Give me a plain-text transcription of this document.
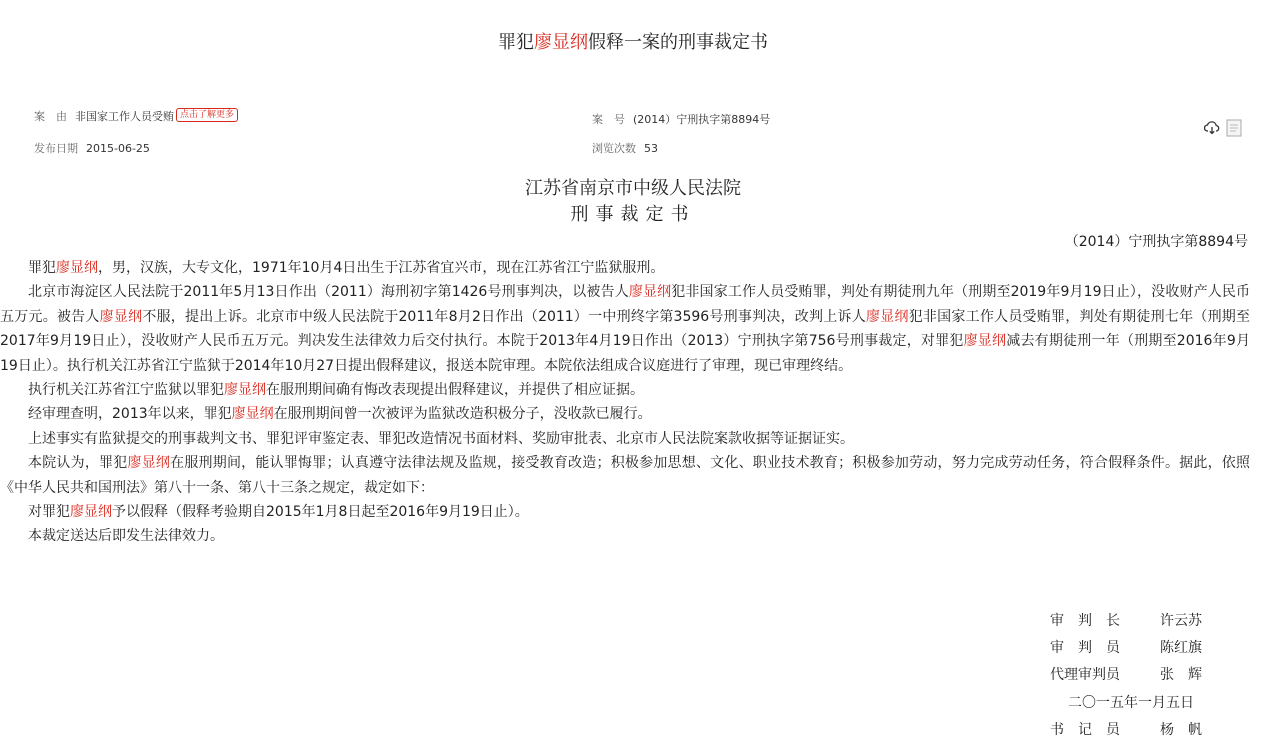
罪犯廖显纲假释一案的刑事裁定书
案　由 非国家工作人员受贿 点击了解更多
发布日期 2015-06-25
案　号 (2014）宁刑执字第8894号
浏览次数 53
江苏省南京市中级人民法院
刑事裁定书

（2014）宁刑执字第8894号

罪犯廖显纲，男，汉族，大专文化，1971年10月4日出生于江苏省宜兴市，现在江苏省江宁监狱服刑。

北京市海淀区人民法院于2011年5月13日作出（2011）海刑初字第1426号刑事判决，以被告人廖显纲犯非国家工作人员受贿罪，判处有期徒刑九年（刑期至2019年9月19日止），没收财产人民币五万元。被告人廖显纲不服，提出上诉。北京市中级人民法院于2011年8月2日作出（2011）一中刑终字第3596号刑事判决，改判上诉人廖显纲犯非国家工作人员受贿罪，判处有期徒刑七年（刑期至2017年9月19日止），没收财产人民币五万元。判决发生法律效力后交付执行。本院于2013年4月19日作出（2013）宁刑执字第756号刑事裁定，对罪犯廖显纲减去有期徒刑一年（刑期至2016年9月19日止）。执行机关江苏省江宁监狱于2014年10月27日提出假释建议，报送本院审理。本院依法组成合议庭进行了审理，现已审理终结。

执行机关江苏省江宁监狱以罪犯廖显纲在服刑期间确有悔改表现提出假释建议，并提供了相应证据。

经审理查明，2013年以来，罪犯廖显纲在服刑期间曾一次被评为监狱改造积极分子，没收款已履行。

上述事实有监狱提交的刑事裁判文书、罪犯评审鉴定表、罪犯改造情况书面材料、奖励审批表、北京市人民法院案款收据等证据证实。

本院认为，罪犯廖显纲在服刑期间，能认罪悔罪；认真遵守法律法规及监规，接受教育改造；积极参加思想、文化、职业技术教育；积极参加劳动，努力完成劳动任务，符合假释条件。据此，依照《中华人民共和国刑法》第八十一条、第八十三条之规定，裁定如下：

对罪犯廖显纲予以假释（假释考验期自2015年1月8日起至2016年9月19日止）。

本裁定送达后即发生法律效力。

审　判　长	许云苏
审　判　员	陈红旗
代理审判员	张　辉
二〇一五年一月五日
书　记　员	杨　帆
